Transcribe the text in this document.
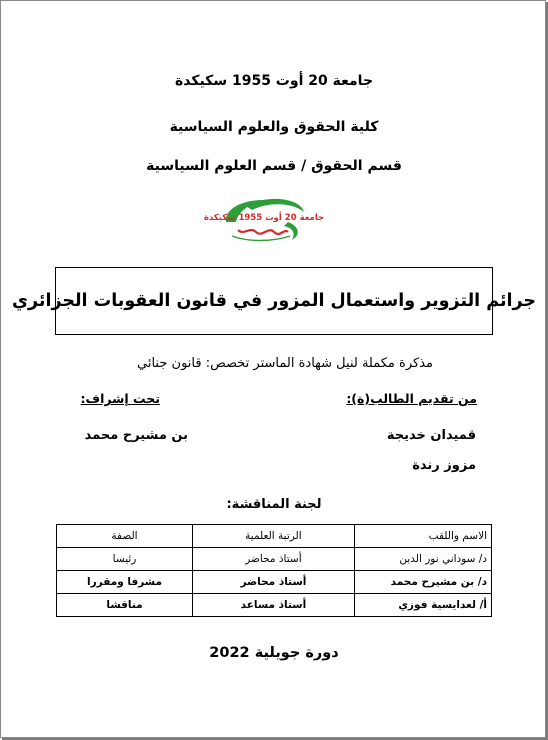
جامعة 20 أوت 1955 سكيكدة
كلية الحقوق والعلوم السياسية
قسم الحقوق / قسم العلوم السياسية
جامعة 20 أوت 1955 سكيكدة
جرائم التزوير واستعمال المزور في قانون العقوبات الجزائري
مذكرة مكملة لنيل شهادة الماستر تخصص: قانون جنائي
من تقديم الطالب(ة):
تحت إشراف:
قميدان خديجة
بن مشيرح محمد
مزوز رندة
لجنة المناقشة:
الاسم واللقب	الرتبة العلمية	الصفة
د/ سوداني نور الدين	أستاذ محاضر	رئيسا
د/ بن مشيرح محمد	أستاذ محاضر	مشرفا ومقررا
أ/ لعدايسية فوزي	أستاذ مساعد	مناقشا
دورة جويلية 2022
